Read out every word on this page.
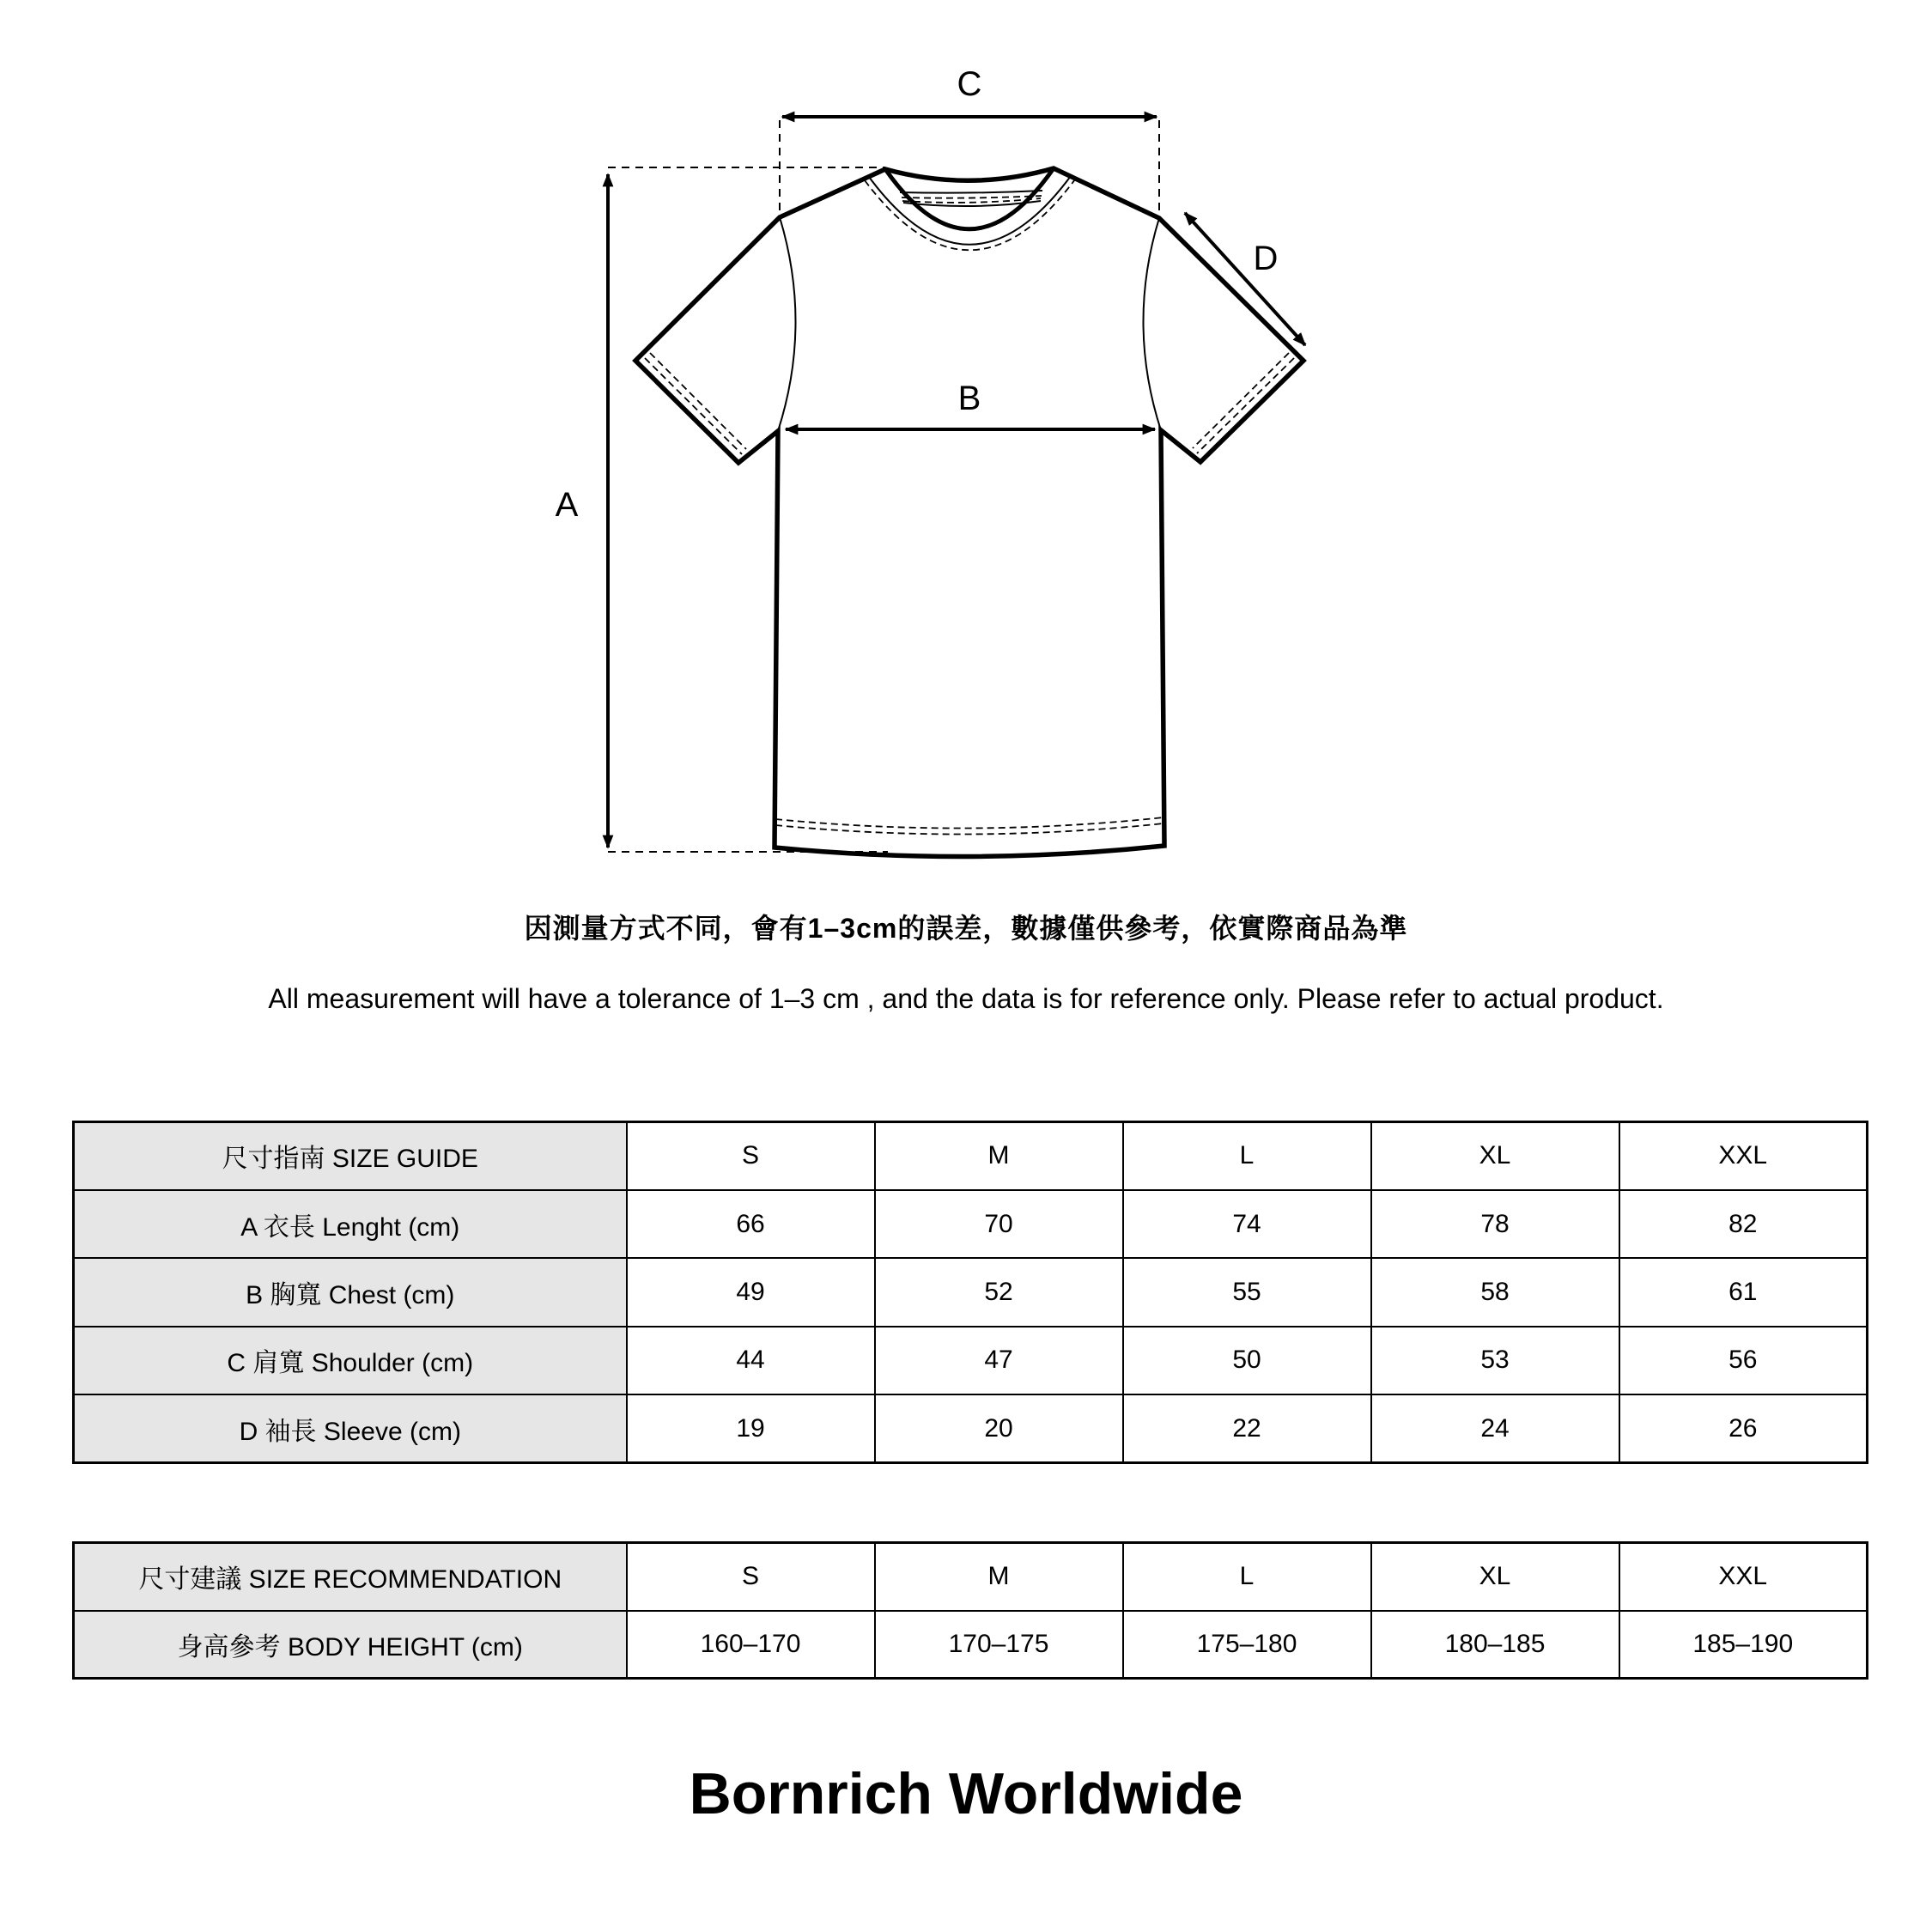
A
B
C
D
因測量方式不同，會有1–3cm的誤差，數據僅供參考，依實際商品為準
All measurement will have a tolerance of 1–3 cm , and the data is for reference only. Please refer to actual product.
尺寸指南 SIZE GUIDE	S	M	L	XL	XXL
A 衣長 Lenght (cm)	66	70	74	78	82
B 胸寬 Chest (cm)	49	52	55	58	61
C 肩寬 Shoulder (cm)	44	47	50	53	56
D 袖長 Sleeve (cm)	19	20	22	24	26
尺寸建議 SIZE RECOMMENDATION	S	M	L	XL	XXL
身高參考 BODY HEIGHT (cm)	160–170	170–175	175–180	180–185	185–190
Bornrich Worldwide
